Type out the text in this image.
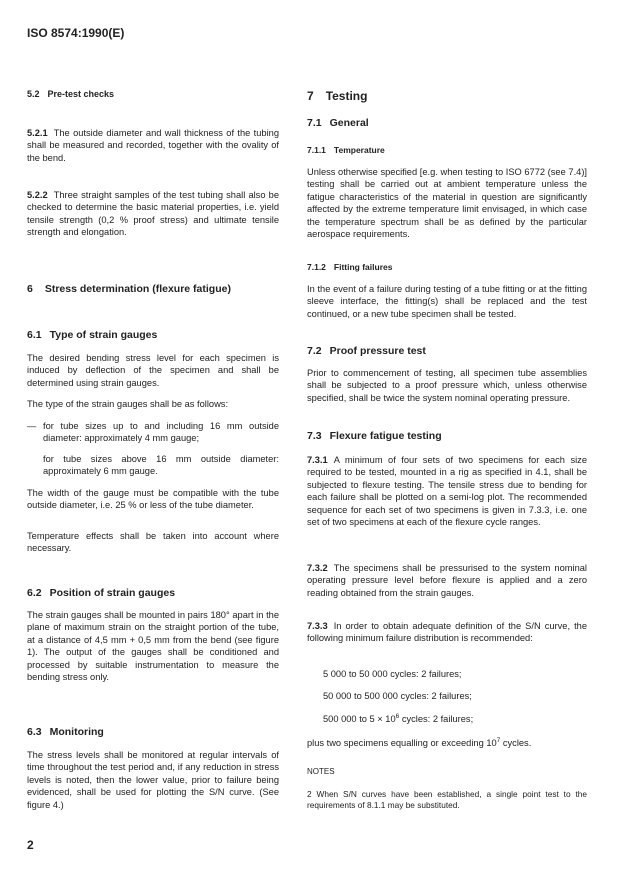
ISO 8574:1990(E)
5.2 Pre-test checks

5.2.1 The outside diameter and wall thickness of the tubing shall be measured and recorded, together with the ovality of the bend.

5.2.2 Three straight samples of the test tubing shall also be checked to determine the basic material properties, i.e. yield tensile strength (0,2 % proof stress) and ultimate tensile strength and elongation.

6 Stress determination (flexure fatigue)
6.1 Type of strain gauges

The desired bending stress level for each specimen is induced by deflection of the specimen and shall be determined using strain gauges.

The type of the strain gauges shall be as follows:

— for tube sizes up to and including 16 mm outside diameter: approximately 4 mm gauge;

for tube sizes above 16 mm outside diameter: approximately 6 mm gauge.

The width of the gauge must be compatible with the tube outside diameter, i.e. 25 % or less of the tube diameter.

Temperature effects shall be taken into account where necessary.

6.2 Position of strain gauges

The strain gauges shall be mounted in pairs 180° apart in the plane of maximum strain on the straight portion of the tube, at a distance of 4,5 mm + 0,5 mm from the bend (see figure 1). The output of the gauges shall be conditioned and processed by suitable instrumentation to measure the bending stress only.

6.3 Monitoring

The stress levels shall be monitored at regular intervals of time throughout the test period and, if any reduction in stress levels is noted, then the lower value, prior to failure being evidenced, shall be used for plotting the S/N curve. (See figure 4.)

7 Testing
7.1 General
7.1.1 Temperature

Unless otherwise specified [e.g. when testing to ISO 6772 (see 7.4)] testing shall be carried out at ambient temperature unless the fatigue characteristics of the material in question are significantly affected by the extreme temperature limit envisaged, in which case the temperature spectrum shall be as defined by the particular aerospace requirements.

7.1.2 Fitting failures

In the event of a failure during testing of a tube fitting or at the fitting sleeve interface, the fitting(s) shall be replaced and the test continued, or a new tube specimen shall be tested.

7.2 Proof pressure test

Prior to commencement of testing, all specimen tube assemblies shall be subjected to a proof pressure which, unless otherwise specified, shall be twice the system nominal operating pressure.

7.3 Flexure fatigue testing

7.3.1 A minimum of four sets of two specimens for each size required to be tested, mounted in a rig as specified in 4.1, shall be subjected to flexure testing. The tensile stress due to bending for each failure shall be plotted on a semi-log plot. The recommended sequence for each set of two specimens is given in 7.3.3, i.e. one set of two specimens at each of the flexure cycle ranges.

7.3.2 The specimens shall be pressurised to the system nominal operating pressure level before flexure is applied and a zero reading obtained from the strain gauges.

7.3.3 In order to obtain adequate definition of the S/N curve, the following minimum failure distribution is recommended:

5 000 to 50 000 cycles: 2 failures;

50 000 to 500 000 cycles: 2 failures;

500 000 to $5 \times 10^6$ cycles: 2 failures;

plus two specimens equalling or exceeding $10^7$ cycles.

NOTES

2 When S/N curves have been established, a single point test to the requirements of 8.1.1 may be substituted.

2
